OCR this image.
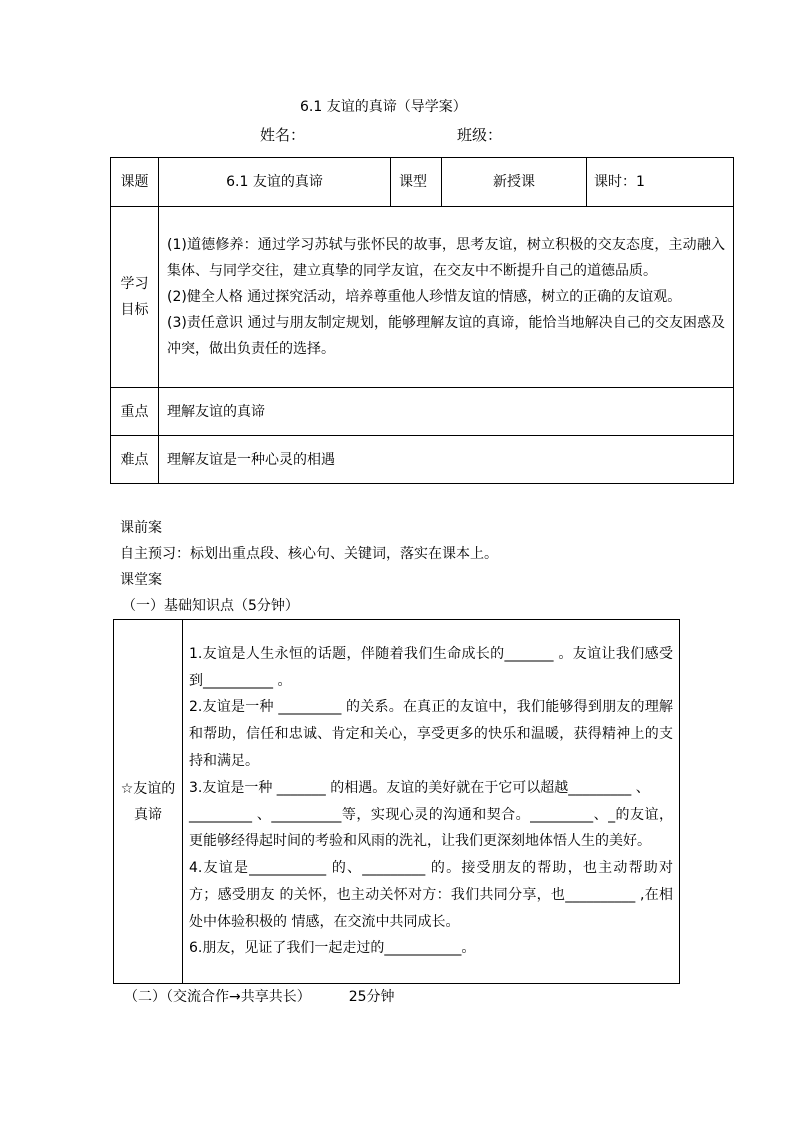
6.1 友谊的真谛（导学案）
姓名：	班级：
课题	6.1 友谊的真谛	课型	新授课	课时：1
学习目标	(1)道德修养：通过学习苏轼与张怀民的故事，思考友谊，树立积极的交友态度，主动融入集体、与同学交往，建立真挚的同学友谊，在交友中不断提升自己的道德品质。
(2)健全人格 通过探究活动，培养尊重他人珍惜友谊的情感，树立的正确的友谊观。
(3)责任意识 通过与朋友制定规划，能够理解友谊的真谛，能恰当地解决自己的交友困惑及冲突，做出负责任的选择。			

重点	理解友谊的真谛			
难点	理解友谊是一种心灵的相遇			
课前案
自主预习：标划出重点段、核心句、关键词，落实在课本上。
课堂案
（一）基础知识点（5分钟）
☆友谊的真谛	
1.友谊是人生永恒的话题，伴随着我们生命成长的_______ 。友谊让我们感受到__________ 。
2.友谊是一种 _________ 的关系。在真正的友谊中，我们能够得到朋友的理解和帮助，信任和忠诚、肯定和关心，享受更多的快乐和温暖，获得精神上的支持和满足。
3.友谊是一种 _______ 的相遇。友谊的美好就在于它可以超越_________ 、
_________ 、__________等，实现心灵的沟通和契合。_________、_的友谊， 更能够经得起时间的考验和风雨的洗礼，让我们更深刻地体悟人生的美好。
4.友谊是___________ 的、_________ 的。接受朋友的帮助，也主动帮助对方；感受朋友 的关怀，也主动关怀对方：我们共同分享，也__________ ,在相处中体验积极的 情感，在交流中共同成长。
6.朋友，见证了我们一起走过的___________。
（二）（交流合作→共享共长）	25分钟
